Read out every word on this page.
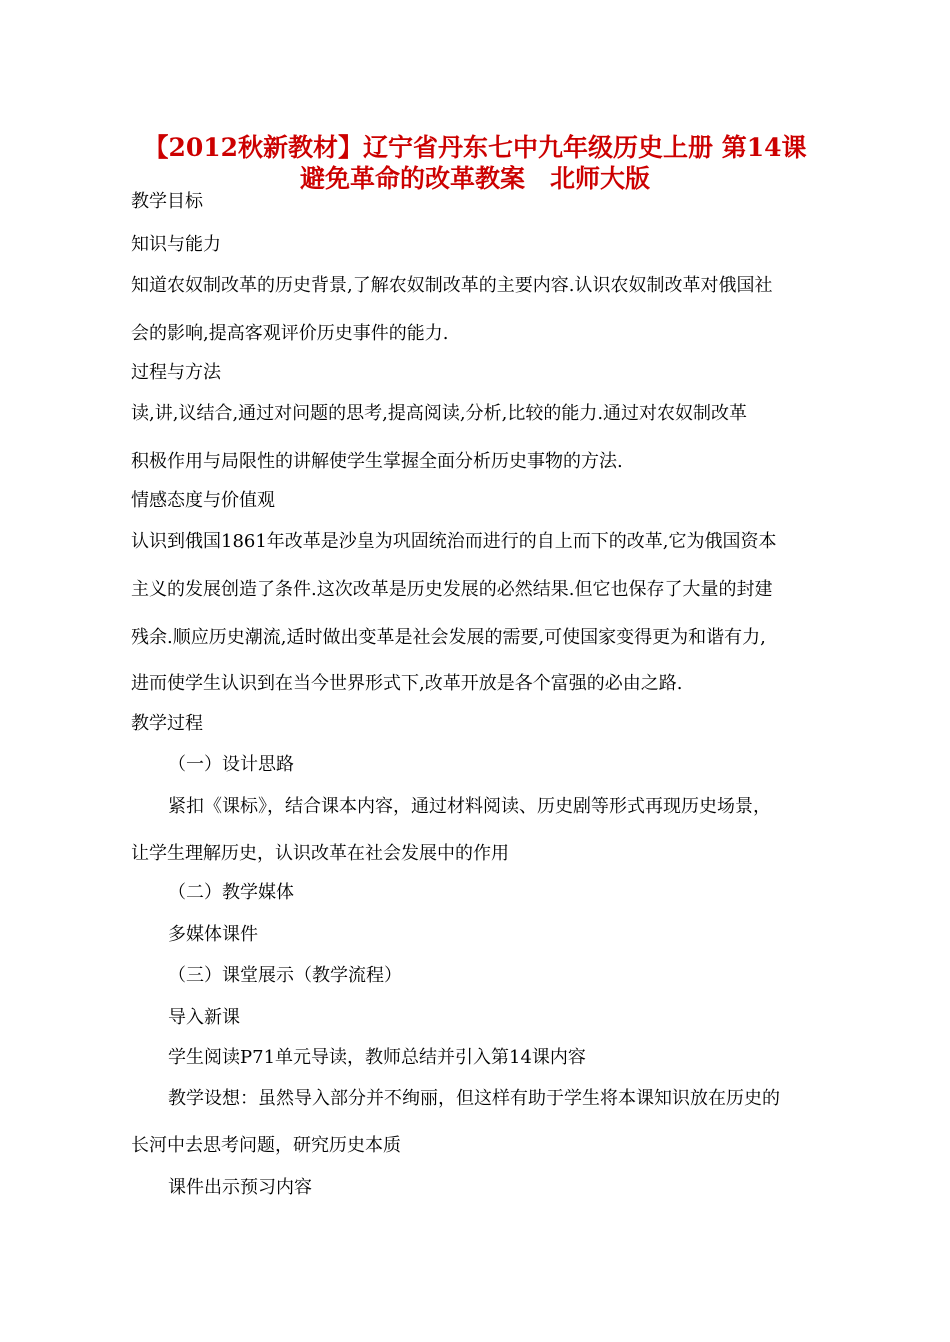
【2012秋新教材】辽宁省丹东七中九年级历史上册 第14课
避免革命的改革教案　北师大版

教学目标

知识与能力

知道农奴制改革的历史背景,了解农奴制改革的主要内容.认识农奴制改革对俄国社

会的影响,提高客观评价历史事件的能力.

过程与方法

读,讲,议结合,通过对问题的思考,提高阅读,分析,比较的能力.通过对农奴制改革

积极作用与局限性的讲解使学生掌握全面分析历史事物的方法.

情感态度与价值观

认识到俄国1861年改革是沙皇为巩固统治而进行的自上而下的改革,它为俄国资本

主义的发展创造了条件.这次改革是历史发展的必然结果.但它也保存了大量的封建

残余.顺应历史潮流,适时做出变革是社会发展的需要,可使国家变得更为和谐有力,

进而使学生认识到在当今世界形式下,改革开放是各个富强的必由之路.

教学过程

（一）设计思路

紧扣《课标》，结合课本内容，通过材料阅读、历史剧等形式再现历史场景，

让学生理解历史，认识改革在社会发展中的作用

（二）教学媒体

多媒体课件

（三）课堂展示（教学流程）

导入新课

学生阅读P71单元导读，教师总结并引入第14课内容

教学设想：虽然导入部分并不绚丽，但这样有助于学生将本课知识放在历史的

长河中去思考问题，研究历史本质

课件出示预习内容
